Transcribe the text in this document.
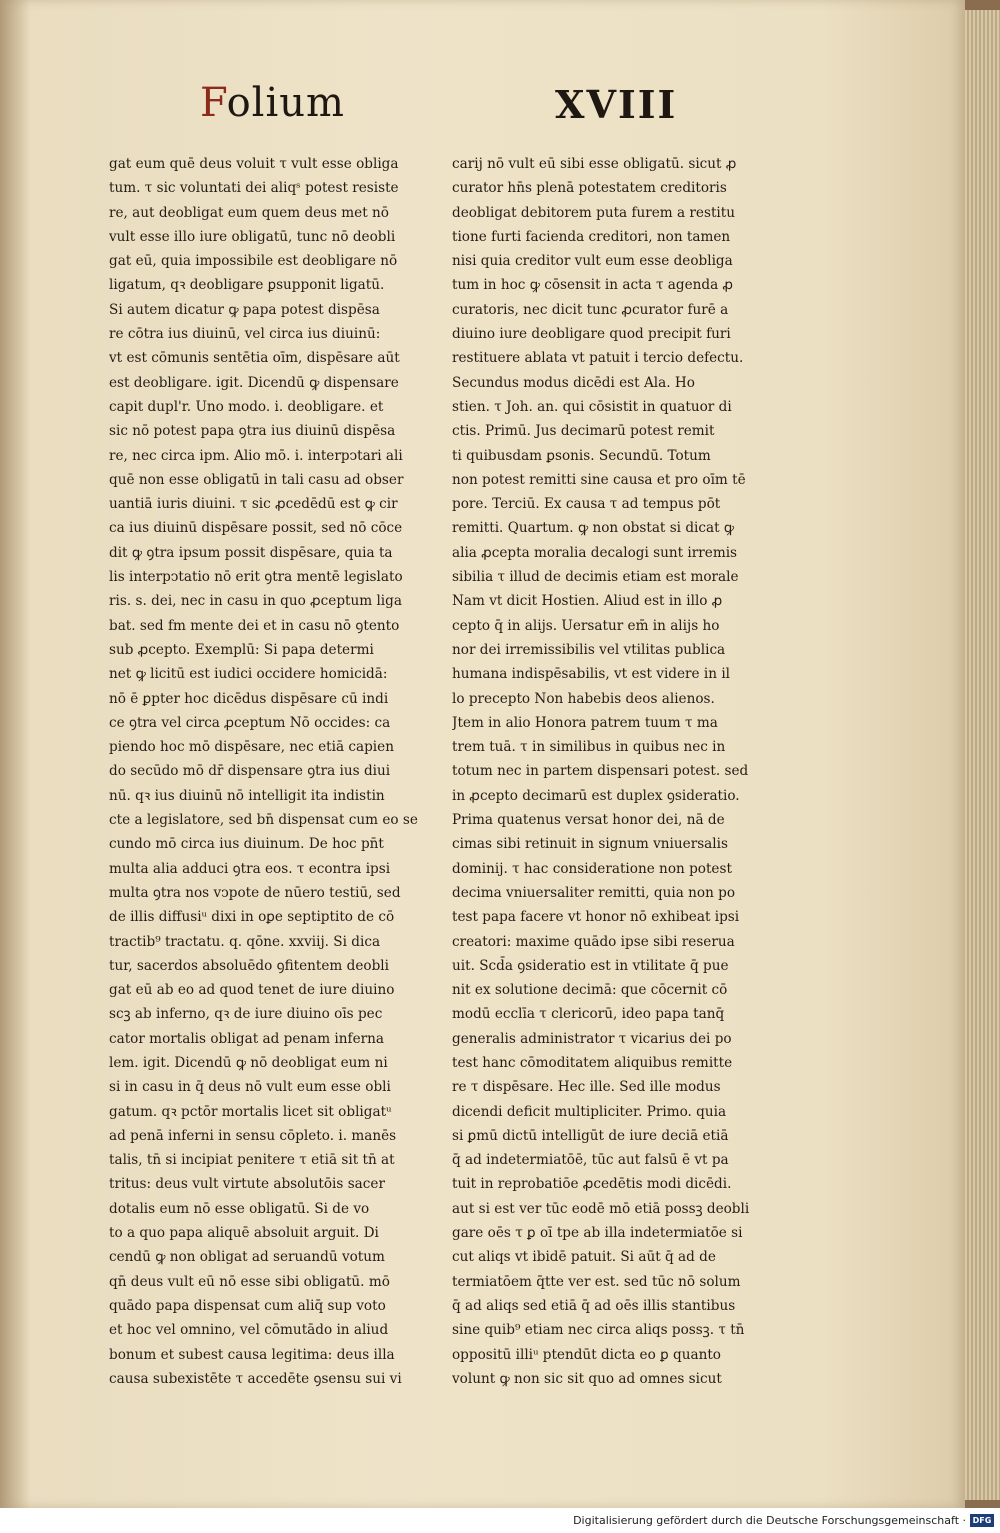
Folium	XVIII
gat eum quē deus voluit τ vult esse obliga
tum. τ sic voluntati dei aliqˢ potest resiste
re, aut deobligat eum quem deus met nō
vult esse illo iure obligatū, tunc nō deobli
gat eū, quia impossibile est deobligare nō
ligatum, qꝛ deobligare ꝑsupponit ligatū.
Si autem dicatur ꝙ papa potest dispēsa
re cōtra ius diuinū, vel circa ius diuinū:
vt est cōmunis sentētia oīm, dispēsare aūt
est deobligare. igit. Dicendū ꝙ dispensare
capit dupl'r. Uno modo. i. deobligare. et
sic nō potest papa ꝯtra ius diuinū dispēsa
re, nec circa ipm. Alio mō. i. interpↄtari ali
quē non esse obligatū in tali casu ad obser
uantiā iuris diuini. τ sic ꝓcedēdū est ꝙ cir
ca ius diuinū dispēsare possit, sed nō cōce
dit ꝙ ꝯtra ipsum possit dispēsare, quia ta
lis interpↄtatio nō erit ꝯtra mentē legislato
ris. s. dei, nec in casu in quo ꝓceptum liga
bat. sed fm mente dei et in casu nō ꝯtento
sub ꝓcepto. Exemplū: Si papa determi
net ꝙ licitū est iudici occidere homicidā:
nō ē ꝑpter hoc dicēdus dispēsare cū indi
ce ꝯtra vel circa ꝓceptum Nō occides: ca
piendo hoc mō dispēsare, nec etiā capien
do secūdo mō dr̄ dispensare ꝯtra ius diui
nū. qꝛ ius diuinū nō intelligit ita indistin
cte a legislatore, sed bn̄ dispensat cum eo se
cundo mō circa ius diuinum. De hoc pn̄t
multa alia adduci ꝯtra eos. τ econtra ipsi
multa ꝯtra nos vↄpote de nūero testiū, sed
de illis diffusiᵘ dixi in oꝑe septiptito de cō
tractib⁹ tractatu. q. qōne. xxviij. Si dica
tur, sacerdos absoluēdo ꝯfitentem deobli
gat eū ab eo ad quod tenet de iure diuino
scꝫ ab inferno, qꝛ de iure diuino oīs pec
cator mortalis obligat ad penam inferna
lem. igit. Dicendū ꝙ nō deobligat eum ni
si in casu in q̄ deus nō vult eum esse obli
gatum. qꝛ pctōr mortalis licet sit obligatᵘ
ad penā inferni in sensu cōpleto. i. manēs
talis, tn̄ si incipiat penitere τ etiā sit tn̄ at
tritus: deus vult virtute absolutōis sacer
dotalis eum nō esse obligatū. Si de vo
to a quo papa aliquē absoluit arguit. Di
cendū ꝙ non obligat ad seruandū votum
qn̄ deus vult eū nō esse sibi obligatū. mō
quādo papa dispensat cum aliq̄ sup voto
et hoc vel omnino, vel cōmutādo in aliud
bonum et subest causa legitima: deus illa
causa subexistēte τ accedēte ꝯsensu sui vi
carij nō vult eū sibi esse obligatū. sicut ꝓ
curator hn̄s plenā potestatem creditoris
deobligat debitorem puta furem a restitu
tione furti facienda creditori, non tamen
nisi quia creditor vult eum esse deobliga
tum in hoc ꝙ cōsensit in acta τ agenda ꝓ
curatoris, nec dicit tunc ꝓcurator furē a
diuino iure deobligare quod precipit furi
restituere ablata vt patuit i tercio defectu.
Secundus modus dicēdi est Ala. Ho
stien. τ Joh. an. qui cōsistit in quatuor di
ctis. Primū. Jus decimarū potest remit
ti quibusdam ꝑsonis. Secundū. Totum
non potest remitti sine causa et pro oīm tē
pore. Terciū. Ex causa τ ad tempus pōt
remitti. Quartum. ꝙ non obstat si dicat ꝙ
alia ꝓcepta moralia decalogi sunt irremis
sibilia τ illud de decimis etiam est morale
Nam vt dicit Hostien. Aliud est in illo ꝓ
cepto q̄ in alijs. Uersatur em̄ in alijs ho
nor dei irremissibilis vel vtilitas publica
humana indispēsabilis, vt est videre in il
lo precepto Non habebis deos alienos.
Jtem in alio Honora patrem tuum τ ma
trem tuā. τ in similibus in quibus nec in
totum nec in partem dispensari potest. sed
in ꝓcepto decimarū est duplex ꝯsideratio.
Prima quatenus versat honor dei, nā de
cimas sibi retinuit in signum vniuersalis
dominij. τ hac consideratione non potest
decima vniuersaliter remitti, quia non po
test papa facere vt honor nō exhibeat ipsi
creatori: maxime quādo ipse sibi reserua
uit. Scd̄a ꝯsideratio est in vtilitate q̄ pue
nit ex solutione decimā: que cōcernit cō
modū ecclīa τ clericorū, ideo papa tanq̄
generalis administrator τ vicarius dei po
test hanc cōmoditatem aliquibus remitte
re τ dispēsare. Hec ille. Sed ille modus
dicendi deficit multipliciter. Primo. quia
si ꝑmū dictū intelligūt de iure deciā etiā
q̄ ad indetermiatōē, tūc aut falsū ē vt pa
tuit in reprobatiōe ꝓcedētis modi dicēdi.
aut si est ver tūc eodē mō etiā possꝫ deobli
gare oēs τ ꝑ oī tpe ab illa indetermiatōe si
cut aliqs vt ibidē patuit. Si aūt q̄ ad de
termiatōem q̄tte ver est. sed tūc nō solum
q̄ ad aliqs sed etiā q̄ ad oēs illis stantibus
sine quib⁹ etiam nec circa aliqs possꝫ. τ tn̄
oppositū illiᵘ ptendūt dicta eo ꝑ quanto
volunt ꝙ non sic sit quo ad omnes sicut
Digitalisierung gefördert durch die Deutsche Forschungsgemeinschaft · DFG
